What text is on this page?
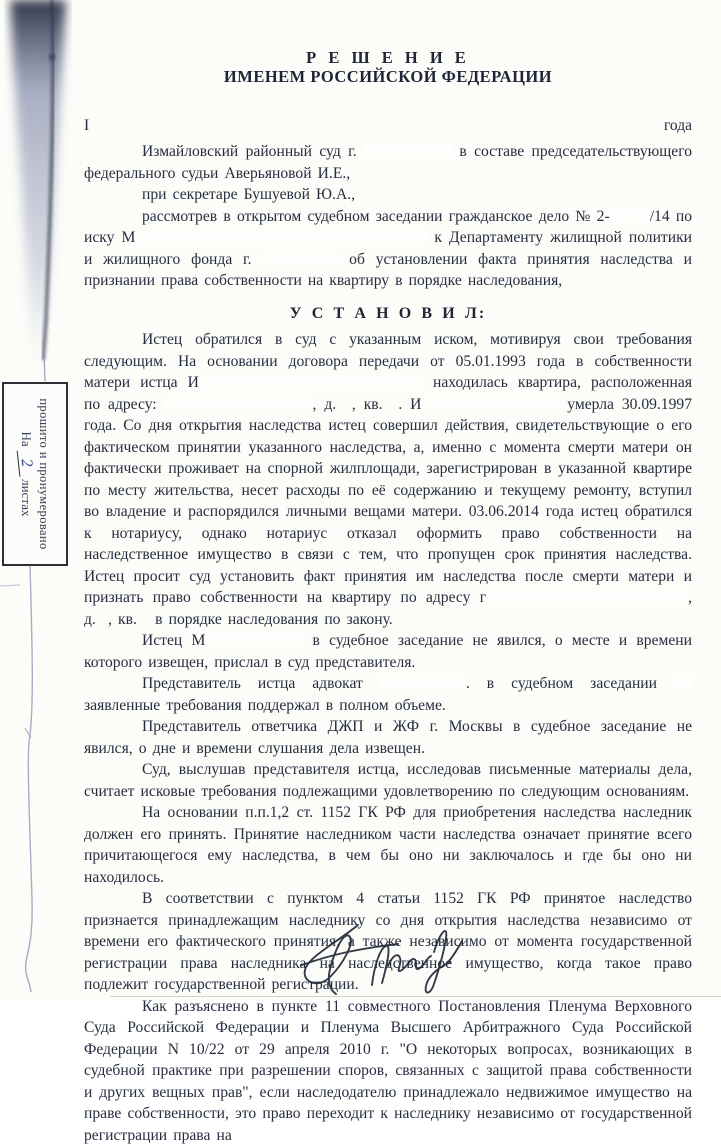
прошито и пронумеровано
На 2 листах
Р Е Ш Е Н И Е
ИМЕНЕМ РОССИЙСКОЙ ФЕДЕРАЦИИ
I	года
Измайловский районный суд г.	в составе председательствующего федерального судьи Аверьяновой И.Е.,
при секретаре Бушуевой Ю.А.,
рассмотрев в открытом судебном заседании гражданское дело № 2-	/14 по иску М	к Департаменту жилищной политики и жилищного фонда г.	об установлении факта принятия наследства и признании права собственности на квартиру в порядке наследования,
У С Т А Н О В И Л:
Истец обратился в суд с указанным иском, мотивируя свои требования следующим. На основании договора передачи от 05.01.1993 года в собственности матери истца И	находилась квартира, расположенная по адресу:	, д.  , кв.  . И	умерла 30.09.1997 года. Со дня открытия наследства истец совершил действия, свидетельствующие о его фактическом принятии указанного наследства, а, именно с момента смерти матери он фактически проживает на спорной жилплощади, зарегистрирован в указанной квартире по месту жительства, несет расходы по её содержанию и текущему ремонту, вступил во владение и распорядился личными вещами матери. 03.06.2014 года истец обратился к нотариусу, однако нотариус отказал оформить право собственности на наследственное имущество в связи с тем, что пропущен срок принятия наследства. Истец просит суд установить факт принятия им наследства после смерти матери и признать право собственности на квартиру по адресу г	, д.  , кв.   в порядке наследования по закону.
Истец М	в судебное заседание не явился, о месте и времени которого извещен, прислал в суд представителя.
Представитель истца адвокат	. в судебном заседании  заявленные требования поддержал в полном объеме.
Представитель ответчика ДЖП и ЖФ г. Москвы в судебное заседание не явился, о дне и времени слушания дела извещен.
Суд, выслушав представителя истца, исследовав письменные материалы дела, считает исковые требования подлежащими удовлетворению по следующим основаниям.
На основании п.п.1,2 ст. 1152 ГК РФ для приобретения наследства наследник должен его принять. Принятие наследником части наследства означает принятие всего причитающегося ему наследства, в чем бы оно ни заключалось и где бы оно ни находилось.
В соответствии с пунктом 4 статьи 1152 ГК РФ принятое наследство признается принадлежащим наследнику со дня открытия наследства независимо от времени его фактического принятия, а также независимо от момента государственной регистрации права наследника на наследственное имущество, когда такое право подлежит государственной регистрации.
Как разъяснено в пункте 11 совместного Постановления Пленума Верховного Суда Российской Федерации и Пленума Высшего Арбитражного Суда Российской Федерации N 10/22 от 29 апреля 2010 г. "О некоторых вопросах, возникающих в судебной практике при разрешении споров, связанных с защитой права собственности и других вещных прав", если наследодателю принадлежало недвижимое имущество на праве собственности, это право переходит к наследнику независимо от государственной регистрации права на
